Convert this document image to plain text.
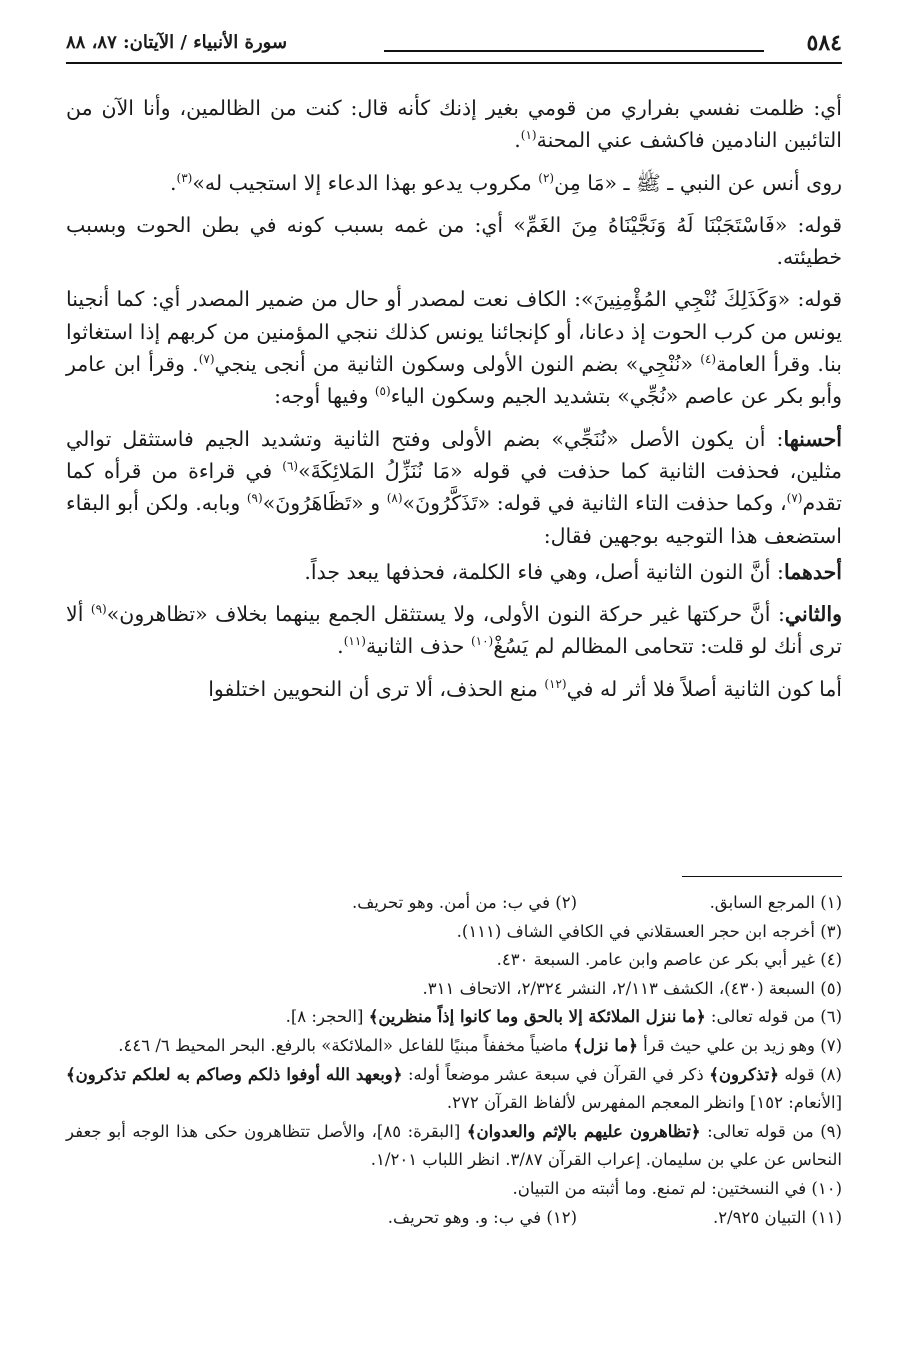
٥٨٤
سورة الأنبياء / الآيتان: ٨٧، ٨٨

أي: ظلمت نفسي بفراري من قومي بغير إذنك كأنه قال: كنت من الظالمين، وأنا الآن من التائبين النادمين فاكشف عني المحنة$^{(١)}$.

روى أنس عن النبي ـ ﷺ ـ «مَا مِن$^{(٢)}$ مكروب يدعو بهذا الدعاء إلا استجيب له»$^{(٣)}$.

قوله: «فَاسْتَجَبْنَا لَهُ وَنَجَّيْنَاهُ مِنَ الغَمِّ» أي: من غمه بسبب كونه في بطن الحوت وبسبب خطيئته.

قوله: «وَكَذَلِكَ نُنْجِي المُؤْمِنِينَ»: الكاف نعت لمصدر أو حال من ضمير المصدر أي: كما أنجينا يونس من كرب الحوت إذ دعانا، أو كإنجائنا يونس كذلك ننجي المؤمنين من كربهم إذا استغاثوا بنا. وقرأ العامة$^{(٤)}$ «نُنْجِي» بضم النون الأولى وسكون الثانية من أنجى ينجي$^{(٧)}$. وقرأ ابن عامر وأبو بكر عن عاصم «نُجِّي» بتشديد الجيم وسكون الياء$^{(٥)}$ وفيها أوجه:

أحسنها: أن يكون الأصل «نُنَجِّي» بضم الأولى وفتح الثانية وتشديد الجيم فاستثقل توالي مثلين، فحذفت الثانية كما حذفت في قوله «مَا نُنَزِّلُ المَلائِكَةَ»$^{(٦)}$ في قراءة من قرأه كما تقدم$^{(٧)}$، وكما حذفت التاء الثانية في قوله: «تَذَكَّرُونَ»$^{(٨)}$ و «تَظَاهَرُونَ»$^{(٩)}$ وبابه. ولكن أبو البقاء استضعف هذا التوجيه بوجهين فقال:

أحدهما: أنَّ النون الثانية أصل، وهي فاء الكلمة، فحذفها يبعد جداً.

والثاني: أنَّ حركتها غير حركة النون الأولى، ولا يستثقل الجمع بينهما بخلاف «تظاهرون»$^{(٩)}$ ألا ترى أنك لو قلت: تتحامى المظالم لم يَسُغْ$^{(١٠)}$ حذف الثانية$^{(١١)}$.

أما كون الثانية أصلاً فلا أثر له في$^{(١٢)}$ منع الحذف، ألا ترى أن النحويين اختلفوا

(١) المرجع السابق.

(٢) في ب: من أمن. وهو تحريف.

(٣) أخرجه ابن حجر العسقلاني في الكافي الشاف (١١١).

(٤) غير أبي بكر عن عاصم وابن عامر. السبعة ٤٣٠.

(٥) السبعة (٤٣٠)، الكشف ٢/١١٣، النشر ٢/٣٢٤، الاتحاف ٣١١.

(٦) من قوله تعالى: ﴿ما ننزل الملائكة إلا بالحق وما كانوا إذاً منظرين﴾ [الحجر: ٨].

(٧) وهو زيد بن علي حيث قرأ ﴿ما نزل﴾ ماضياً مخففاً مبنيًا للفاعل «الملائكة» بالرفع. البحر المحيط ٦/ ٤٤٦.

(٨) قوله ﴿تذكرون﴾ ذكر في القرآن في سبعة عشر موضعاً أوله: ﴿وبعهد الله أوفوا ذلكم وصاكم به لعلكم تذكرون﴾ [الأنعام: ١٥٢] وانظر المعجم المفهرس لألفاظ القرآن ٢٧٢.

(٩) من قوله تعالى: ﴿تظاهرون عليهم بالإثم والعدوان﴾ [البقرة: ٨٥]، والأصل تتظاهرون حكى هذا الوجه أبو جعفر النحاس عن علي بن سليمان. إعراب القرآن ٣/٨٧. انظر اللباب ١/٢٠١.

(١٠) في النسختين: لم تمنع. وما أثبته من التبيان.

(١١) التبيان ٢/٩٢٥.

(١٢) في ب: و. وهو تحريف.
